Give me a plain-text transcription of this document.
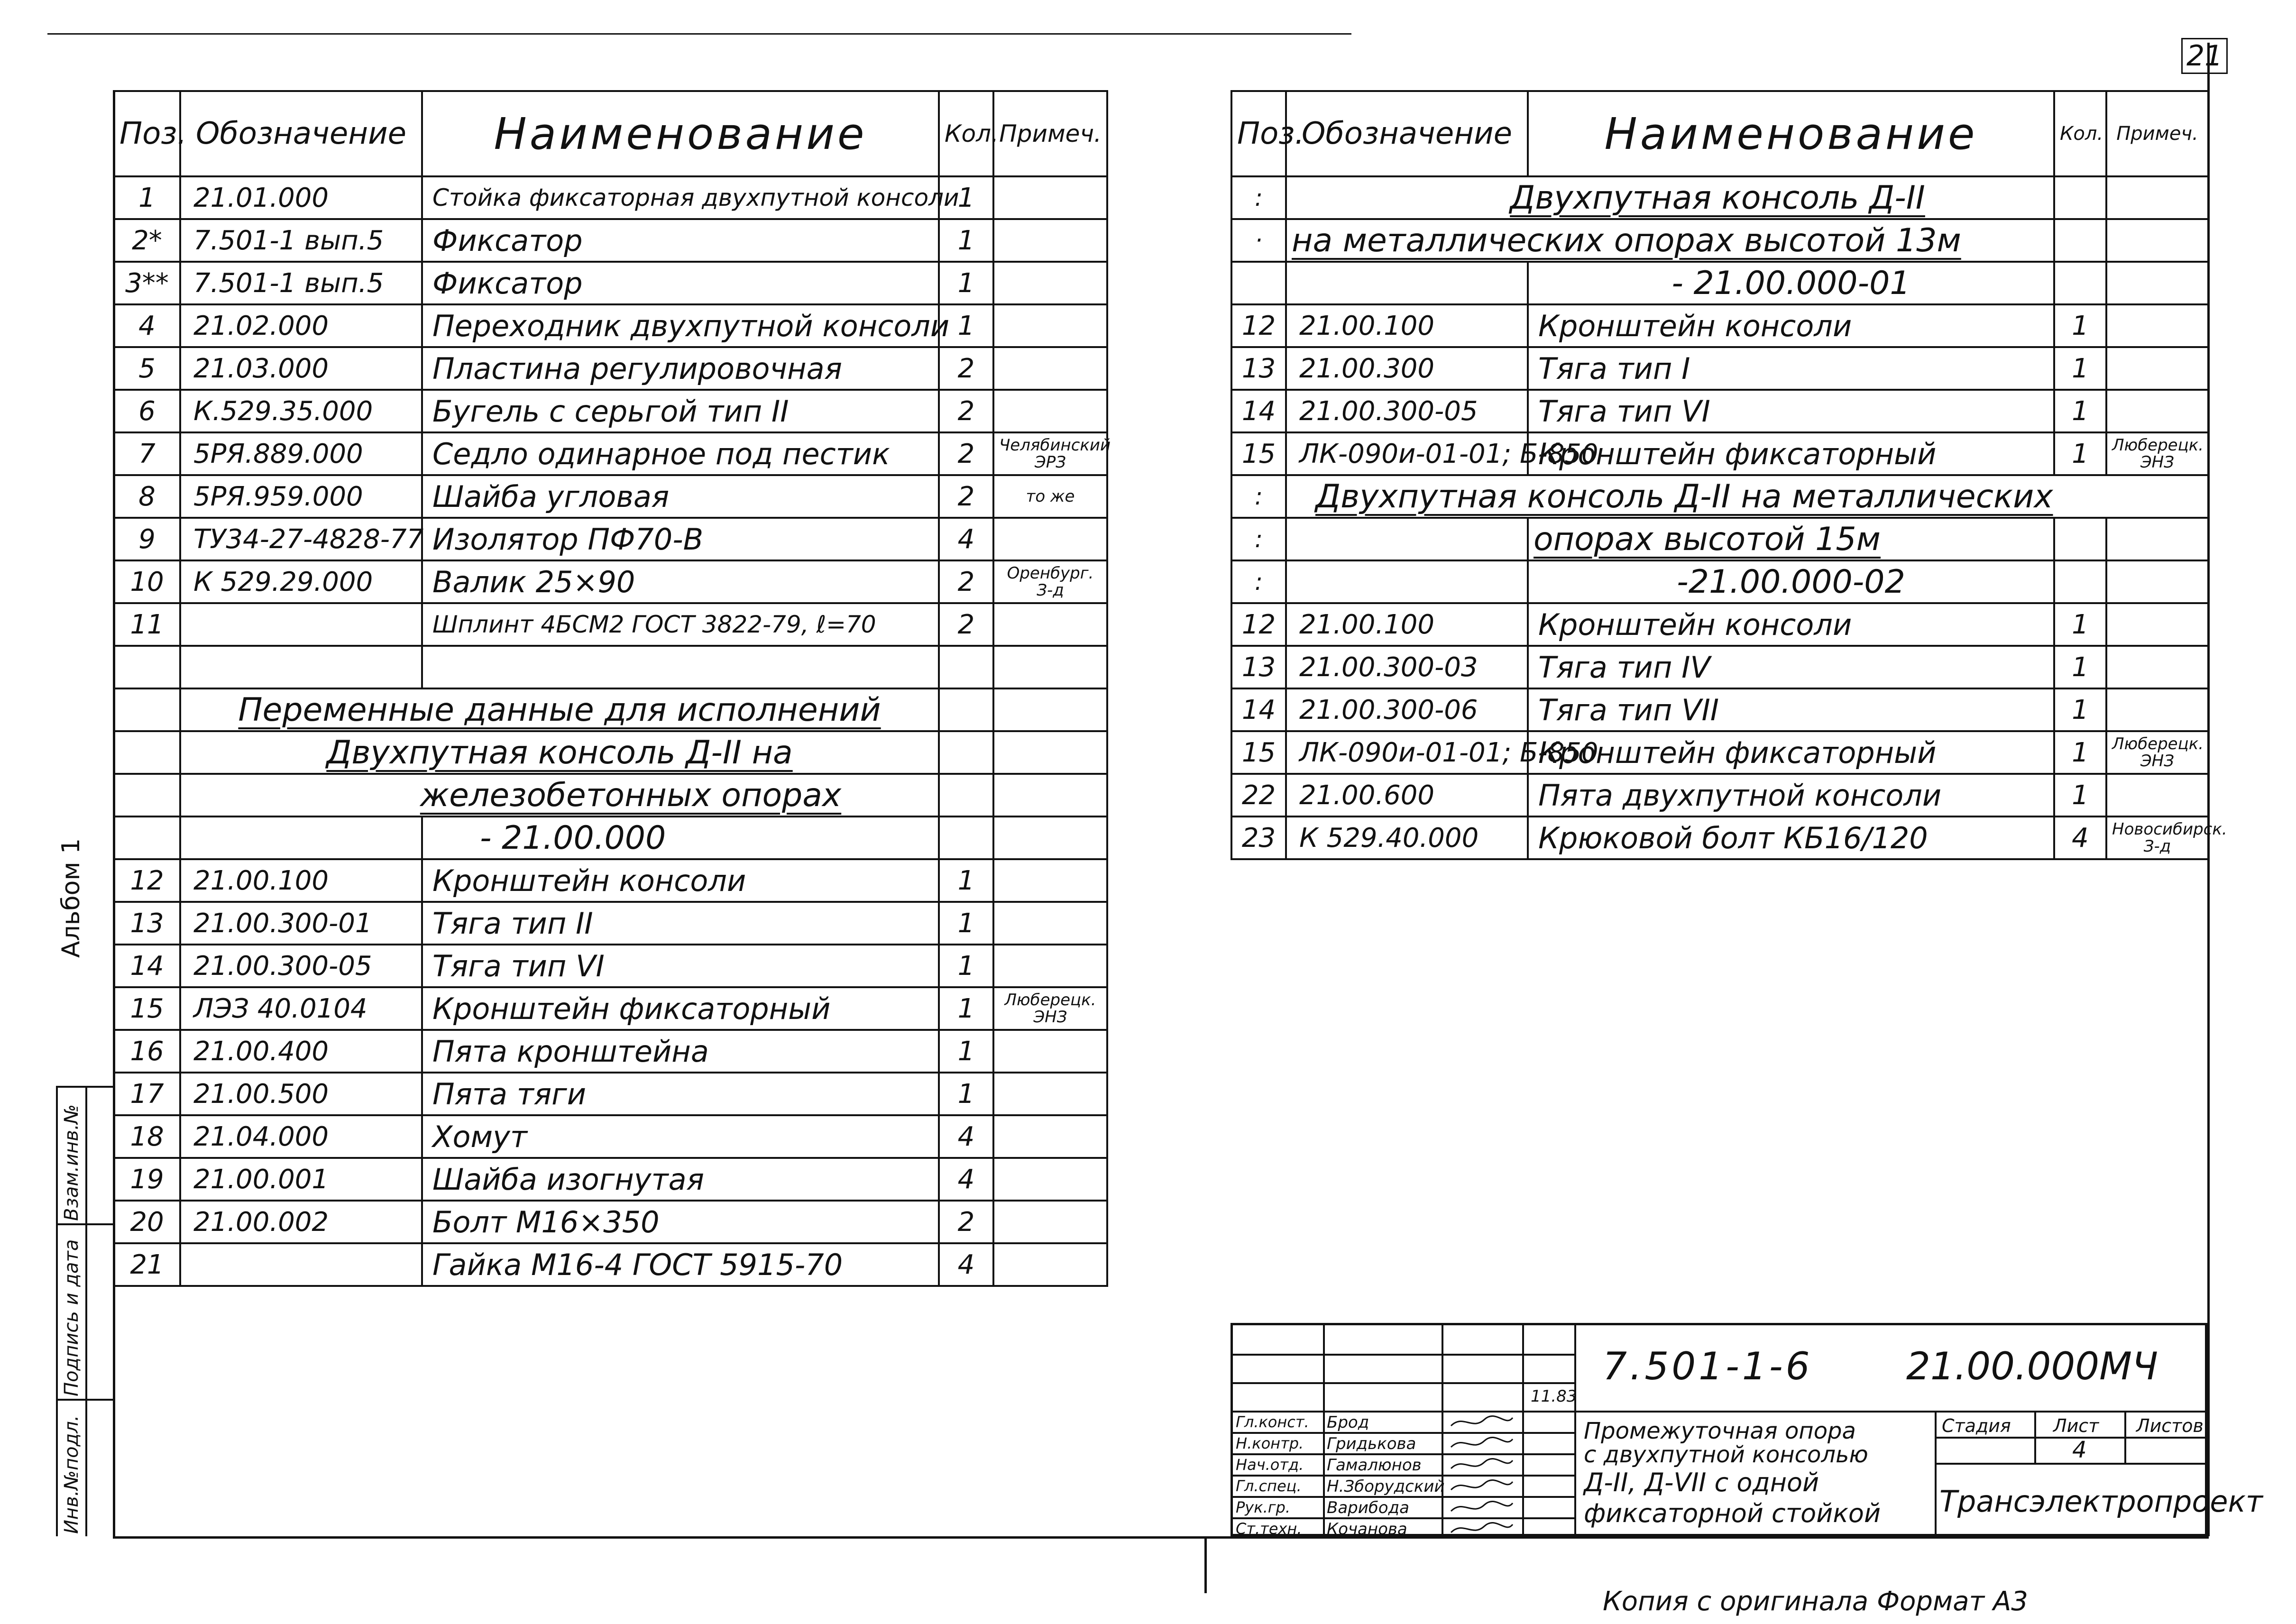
21
Альбом 1
Взам.инв.№
Подпись и дата
Инв.№подл.
Поз.	Обозначение	Наименование	Кол.	Примеч.
1	21.01.000	Стойка фиксаторная двухпутной консоли	1	
2*	7.501-1 вып.5	Фиксатор	1	
3**	7.501-1 вып.5	Фиксатор	1	
4	21.02.000	Переходник двухпутной консоли	1	
5	21.03.000	Пластина регулировочная	2	
6	К.529.35.000	Бугель с серьгой тип II	2	
7	5РЯ.889.000	Седло одинарное под пестик	2	Челябинский ЭРЗ
8	5РЯ.959.000	Шайба угловая	2	то же
9	ТУ34-27-4828-77	Изолятор ПФ70-В	4	
10	К 529.29.000	Валик 25×90	2	Оренбург. З-д
11		Шплинт 4БСМ2 ГОСТ 3822-79, ℓ=70	2	

	Переменные данные для исполнений			
	Двухпутная консоль Д-II на			
	железобетонных опорах			
		- 21.00.000		
12	21.00.100	Кронштейн консоли	1	
13	21.00.300-01	Тяга тип II	1	
14	21.00.300-05	Тяга тип VI	1	
15	ЛЭЗ 40.0104	Кронштейн фиксаторный	1	Люберецк. ЭНЗ
16	21.00.400	Пята кронштейна	1	
17	21.00.500	Пята тяги	1	
18	21.04.000	Хомут	4	
19	21.00.001	Шайба изогнутая	4	
20	21.00.002	Болт М16×350	2	
21		Гайка М16-4 ГОСТ 5915-70	4	
Поз.	Обозначение	Наименование	Кол.	Примеч.
:	Двухпутная консоль Д-II			
·	на металлических опорах высотой 13м			
		- 21.00.000-01		
12	21.00.100	Кронштейн консоли	1	
13	21.00.300	Тяга тип I	1	
14	21.00.300-05	Тяга тип VI	1	
15	ЛК-090и-01-01; Б-850	Кронштейн фиксаторный	1	Люберецк. ЭНЗ
:	Двухпутная консоль Д-II на металлических			
:		опорах высотой 15м		
:		-21.00.000-02		
12	21.00.100	Кронштейн консоли	1	
13	21.00.300-03	Тяга тип IV	1	
14	21.00.300-06	Тяга тип VII	1	
15	ЛК-090и-01-01; Б-850	Кронштейн фиксаторный	1	Люберецк. ЭНЗ
22	21.00.600	Пята двухпутной консоли	1	
23	К 529.40.000	Крюковой болт КБ16/120	4	Новосибирск. З-д
Гл.конст. Брод
Н.контр. Гридькова
Нач.отд. Гамалюнов
Гл.спец. Н.Зборудский
Рук.гр. Варибода
Ст.техн. Кочанова
11.83
7.501-1-6 21.00.000МЧ
Промежуточная опора
с двухпутной консолью
Д-II, Д-VII с одной
фиксаторной стойкой
Стадия Лист Листов
4
Трансэлектропроект
Копия с оригинала Формат А3
